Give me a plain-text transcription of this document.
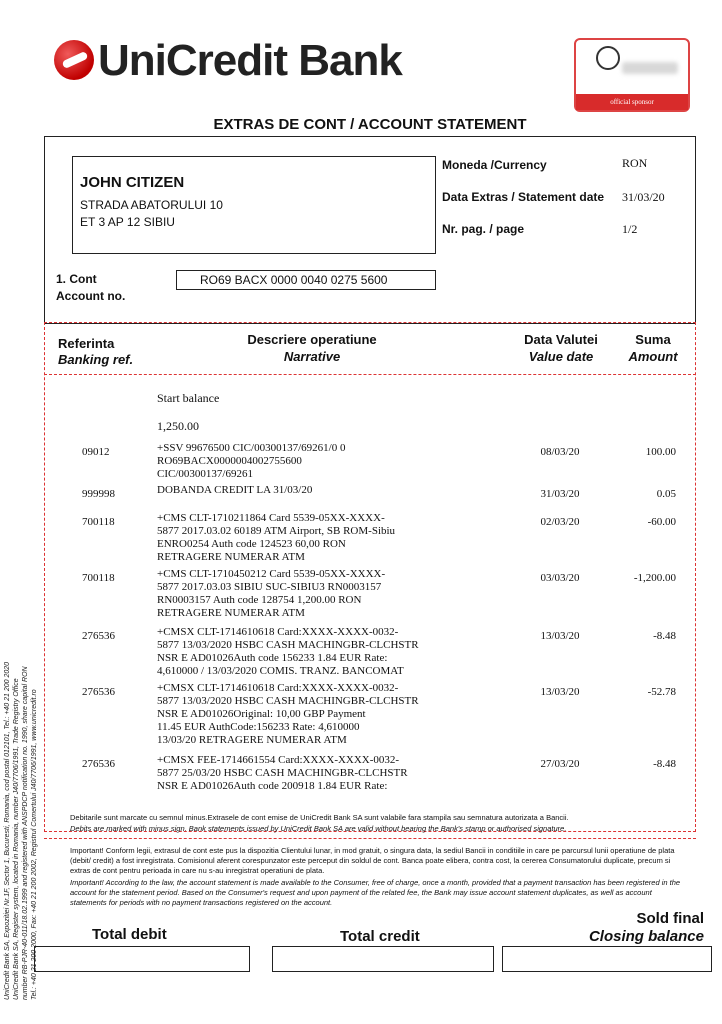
UniCredit Bank SA, Expozitiei Nr.1F, Sector 1, Bucuresti, Romania, cod postal 012101, Tel.: +40 21 200 2020 UniCredit Bank SA, Register system, located in Romania, number J40/7706/1991, Trade Registry Office number RB-PJR-40-011/18.02.1999 and registered with ANSPDCP notification no. 1990, share capital RON Tel.: +40 21 200 2000, Fax: +40 21 200 2002, Registrul Comertului J40/7706/1991, www.unicredit.ro
UniCredit Bank
official sponsor
EXTRAS DE CONT / ACCOUNT STATEMENT
JOHN CITIZEN
STRADA ABATORULUI 10
ET 3 AP 12 SIBIU
Moneda /Currency	RON
Data Extras / Statement date 31/03/20
Nr. pag. / page	1/2
1. Cont
Account no.
RO69 BACX 0000 0040 0275 5600
Referinta
Banking ref.
Descriere operatiune
Narrative
Data Valutei
Value date
Suma
Amount
Start balance
1,250.00
09012	+SSV 99676500 CIC/00300137/69261/0 0
RO69BACX0000004002755600
CIC/00300137/69261
08/03/20	100.00
999998	DOBANDA CREDIT LA 31/03/20	31/03/20	0.05
700118	+CMS CLT-1710211864 Card 5539-05XX-XXXX-
5877 2017.03.02 60189 ATM Airport, SB ROM-Sibiu
ENRO0254 Auth code 124523 60,00 RON
RETRAGERE NUMERAR ATM
02/03/20	-60.00
700118	+CMS CLT-1710450212 Card 5539-05XX-XXXX-
5877 2017.03.03 SIBIU SUC-SIBIU3 RN0003157
RN0003157 Auth code 128754 1,200.00 RON
RETRAGERE NUMERAR ATM
03/03/20	-1,200.00
276536	+CMSX CLT-1714610618 Card:XXXX-XXXX-0032-
5877 13/03/2020 HSBC CASH MACHINGBR-CLCHSTR
NSR E AD01026Auth code 156233 1.84 EUR Rate:
4,610000 / 13/03/2020 COMIS. TRANZ. BANCOMAT
13/03/20	-8.48
276536	+CMSX CLT-1714610618 Card:XXXX-XXXX-0032-
5877 13/03/2020 HSBC CASH MACHINGBR-CLCHSTR
NSR E AD01026Original: 10,00 GBP Payment
11.45 EUR AuthCode:156233 Rate: 4,610000
13/03/20 RETRAGERE NUMERAR ATM
13/03/20	-52.78
276536	+CMSX FEE-1714661554 Card:XXXX-XXXX-0032-
5877 25/03/20 HSBC CASH MACHINGBR-CLCHSTR
NSR E AD01026Auth code 200918 1.84 EUR Rate:
27/03/20	-8.48
Debitarile sunt marcate cu semnul minus.Extrasele de cont emise de UniCredit Bank SA sunt valabile fara stampila sau semnatura autorizata a Bancii.
Debits are marked with minus sign. Bank statements issued by UniCredit Bank SA are valid without bearing the Bank's stamp or authorised signature.
Important! Conform legii, extrasul de cont este pus la dispozitia Clientului lunar, in mod gratuit, o singura data, la sediul Bancii in conditiile in care pe parcursul lunii operatiune de plata (debit/ credit) a fost inregistrata. Comisionul aferent corespunzator este perceput din soldul de cont. Banca poate elibera, contra cost, la cererea Consumatorului duplicate, precum si extras de cont pentru perioada in care nu s-au inregistrat operatiuni de plata.
Important! According to the law, the account statement is made available to the Consumer, free of charge, once a month, provided that a payment transaction has been registered in the account for the statement period. Based on the Consumer's request and upon payment of the related fee, the Bank may issue account statement duplicates, as well as account statements for periods with no payment transactions registered on the account.
Total debit	Total credit
Sold final
Closing balance
